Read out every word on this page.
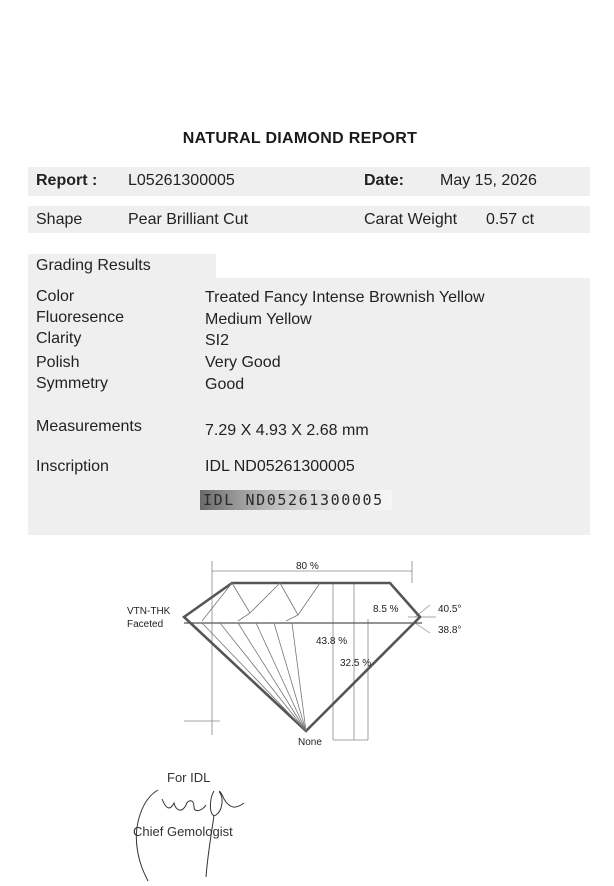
NATURAL DIAMOND REPORT
Report : L05261300005	Date: May 15, 2026
Shape	Pear Brilliant Cut	Carat Weight 0.57 ct
Grading Results
Color	Treated Fancy Intense Brownish Yellow
Fluoresence	Medium Yellow
Clarity	SI2
Polish	Very Good
Symmetry	Good
Measurements	7.29 X 4.93 X 2.68 mm
Inscription	IDL ND05261300005
IDL ND05261300005
80 %
8.5 %	40.5°
38.8°
43.8 %
32.5 %
VTN-THK
Faceted
None
For IDL
Chief Gemologist
